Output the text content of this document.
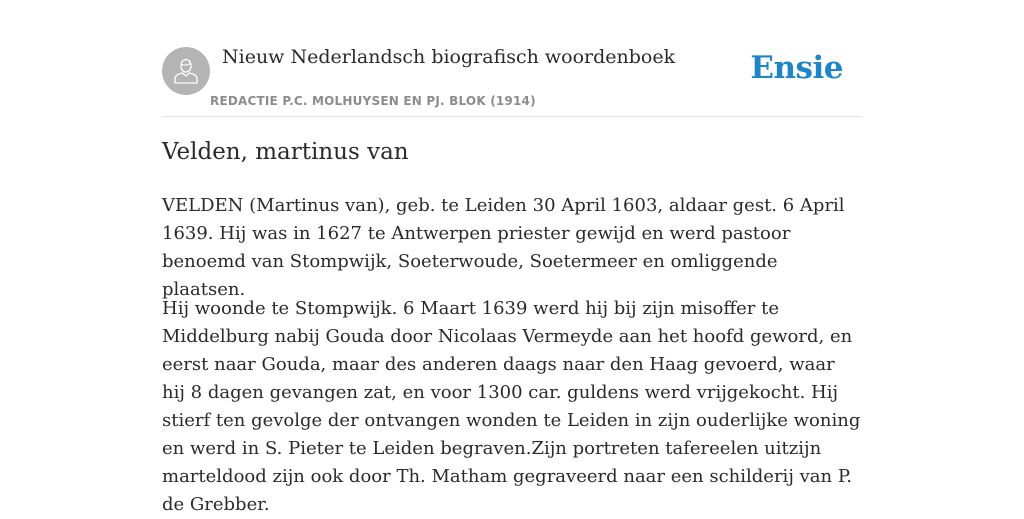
Nieuw Nederlandsch biografisch woordenboek
REDACTIE P.C. MOLHUYSEN EN PJ. BLOK (1914)
Ensie
Velden, martinus van

VELDEN (Martinus van), geb. te Leiden 30 April 1603, aldaar gest. 6 April 1639. Hij was in 1627 te Antwerpen priester gewijd en werd pastoor benoemd van Stompwijk, Soeterwoude, Soetermeer en omliggende plaatsen.

Hij woonde te Stompwijk. 6 Maart 1639 werd hij bij zijn misoffer te Middelburg nabij Gouda door Nicolaas Vermeyde aan het hoofd geword, en eerst naar Gouda, maar des anderen daags naar den Haag gevoerd, waar hij 8 dagen gevangen zat, en voor 1300 car. guldens werd vrijgekocht. Hij stierf ten gevolge der ontvangen wonden te Leiden in zijn ouderlijke woning en werd in S. Pieter te Leiden begraven.Zijn portreten tafereelen uitzijn marteldood zijn ook door Th. Matham gegraveerd naar een schilderij van P. de Grebber.
